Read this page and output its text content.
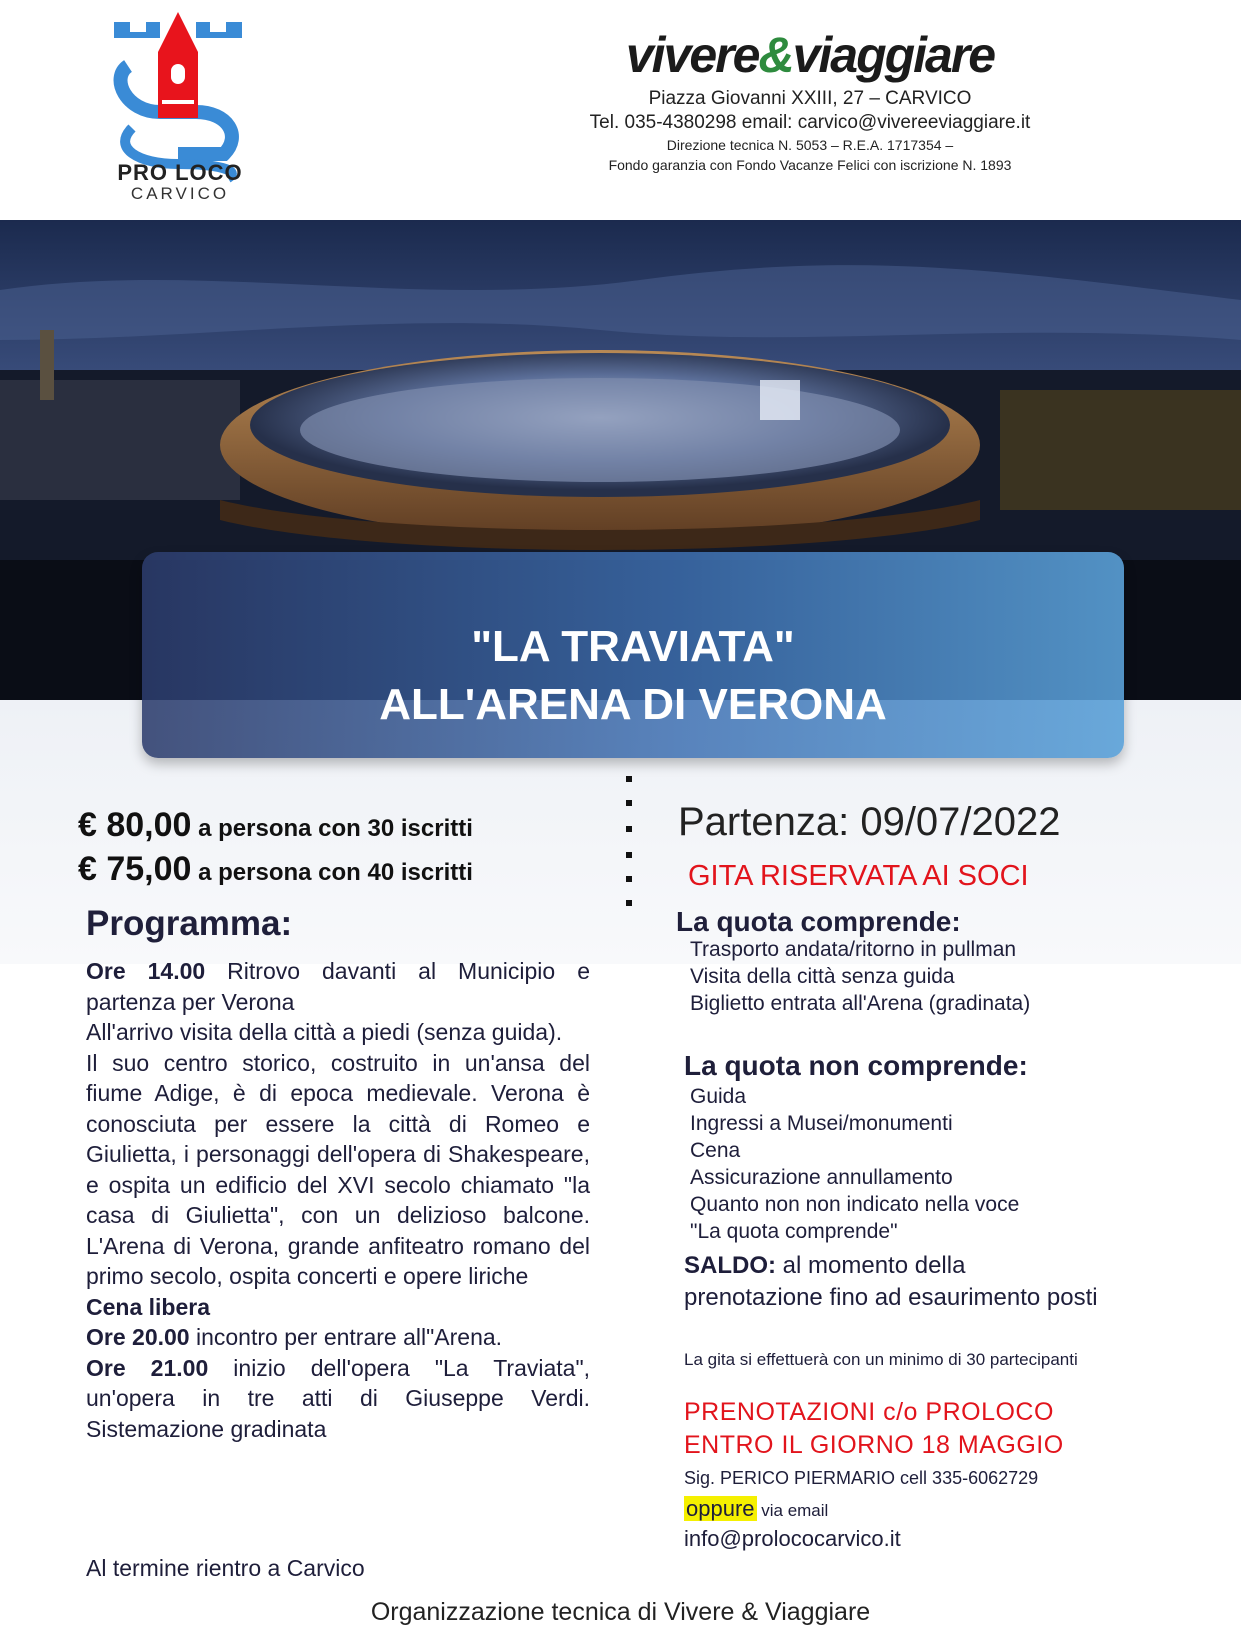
PRO LOCO
CARVICO
vivere&viaggiare
Piazza Giovanni XXIII, 27 – CARVICO
Tel. 035-4380298 email: carvico@vivereeviaggiare.it
Direzione tecnica N. 5053 – R.E.A. 1717354 –
Fondo garanzia con Fondo Vacanze Felici con iscrizione N. 1893
"LA TRAVIATA"
ALL'ARENA DI VERONA
€ 80,00 a persona con 30 iscritti
€ 75,00 a persona con 40 iscritti
Programma:

Ore 14.00 Ritrovo davanti al Municipio e partenza per Verona

All'arrivo visita della città a piedi (senza guida).

Il suo centro storico, costruito in un'ansa del fiume Adige, è di epoca medievale. Verona è conosciuta per essere la città di Romeo e Giulietta, i personaggi dell'opera di Shakespeare, e ospita un edificio del XVI secolo chiamato "la casa di Giulietta", con un delizioso balcone. L'Arena di Verona, grande anfiteatro romano del primo secolo, ospita concerti e opere liriche

Cena libera

Ore 20.00 incontro per entrare all"Arena.

Ore 21.00 inizio dell'opera "La Traviata", un'opera in tre atti di Giuseppe Verdi. Sistemazione gradinata

Al termine rientro a Carvico
Partenza: 09/07/2022
GITA RISERVATA AI SOCI
La quota comprende:
Trasporto andata/ritorno in pullman
Visita della città senza guida
Biglietto entrata all'Arena (gradinata)
La quota non comprende:
Guida
Ingressi a Musei/monumenti
Cena
Assicurazione annullamento
Quanto non non indicato nella voce
"La quota comprende"
SALDO: al momento della prenotazione fino ad esaurimento posti
La gita si effettuerà con un minimo di 30 partecipanti
PRENOTAZIONI c/o PROLOCO
ENTRO IL GIORNO 18 MAGGIO
Sig. PERICO PIERMARIO cell 335-6062729
oppure via email
info@prolococarvico.it
Organizzazione tecnica di Vivere & Viaggiare
